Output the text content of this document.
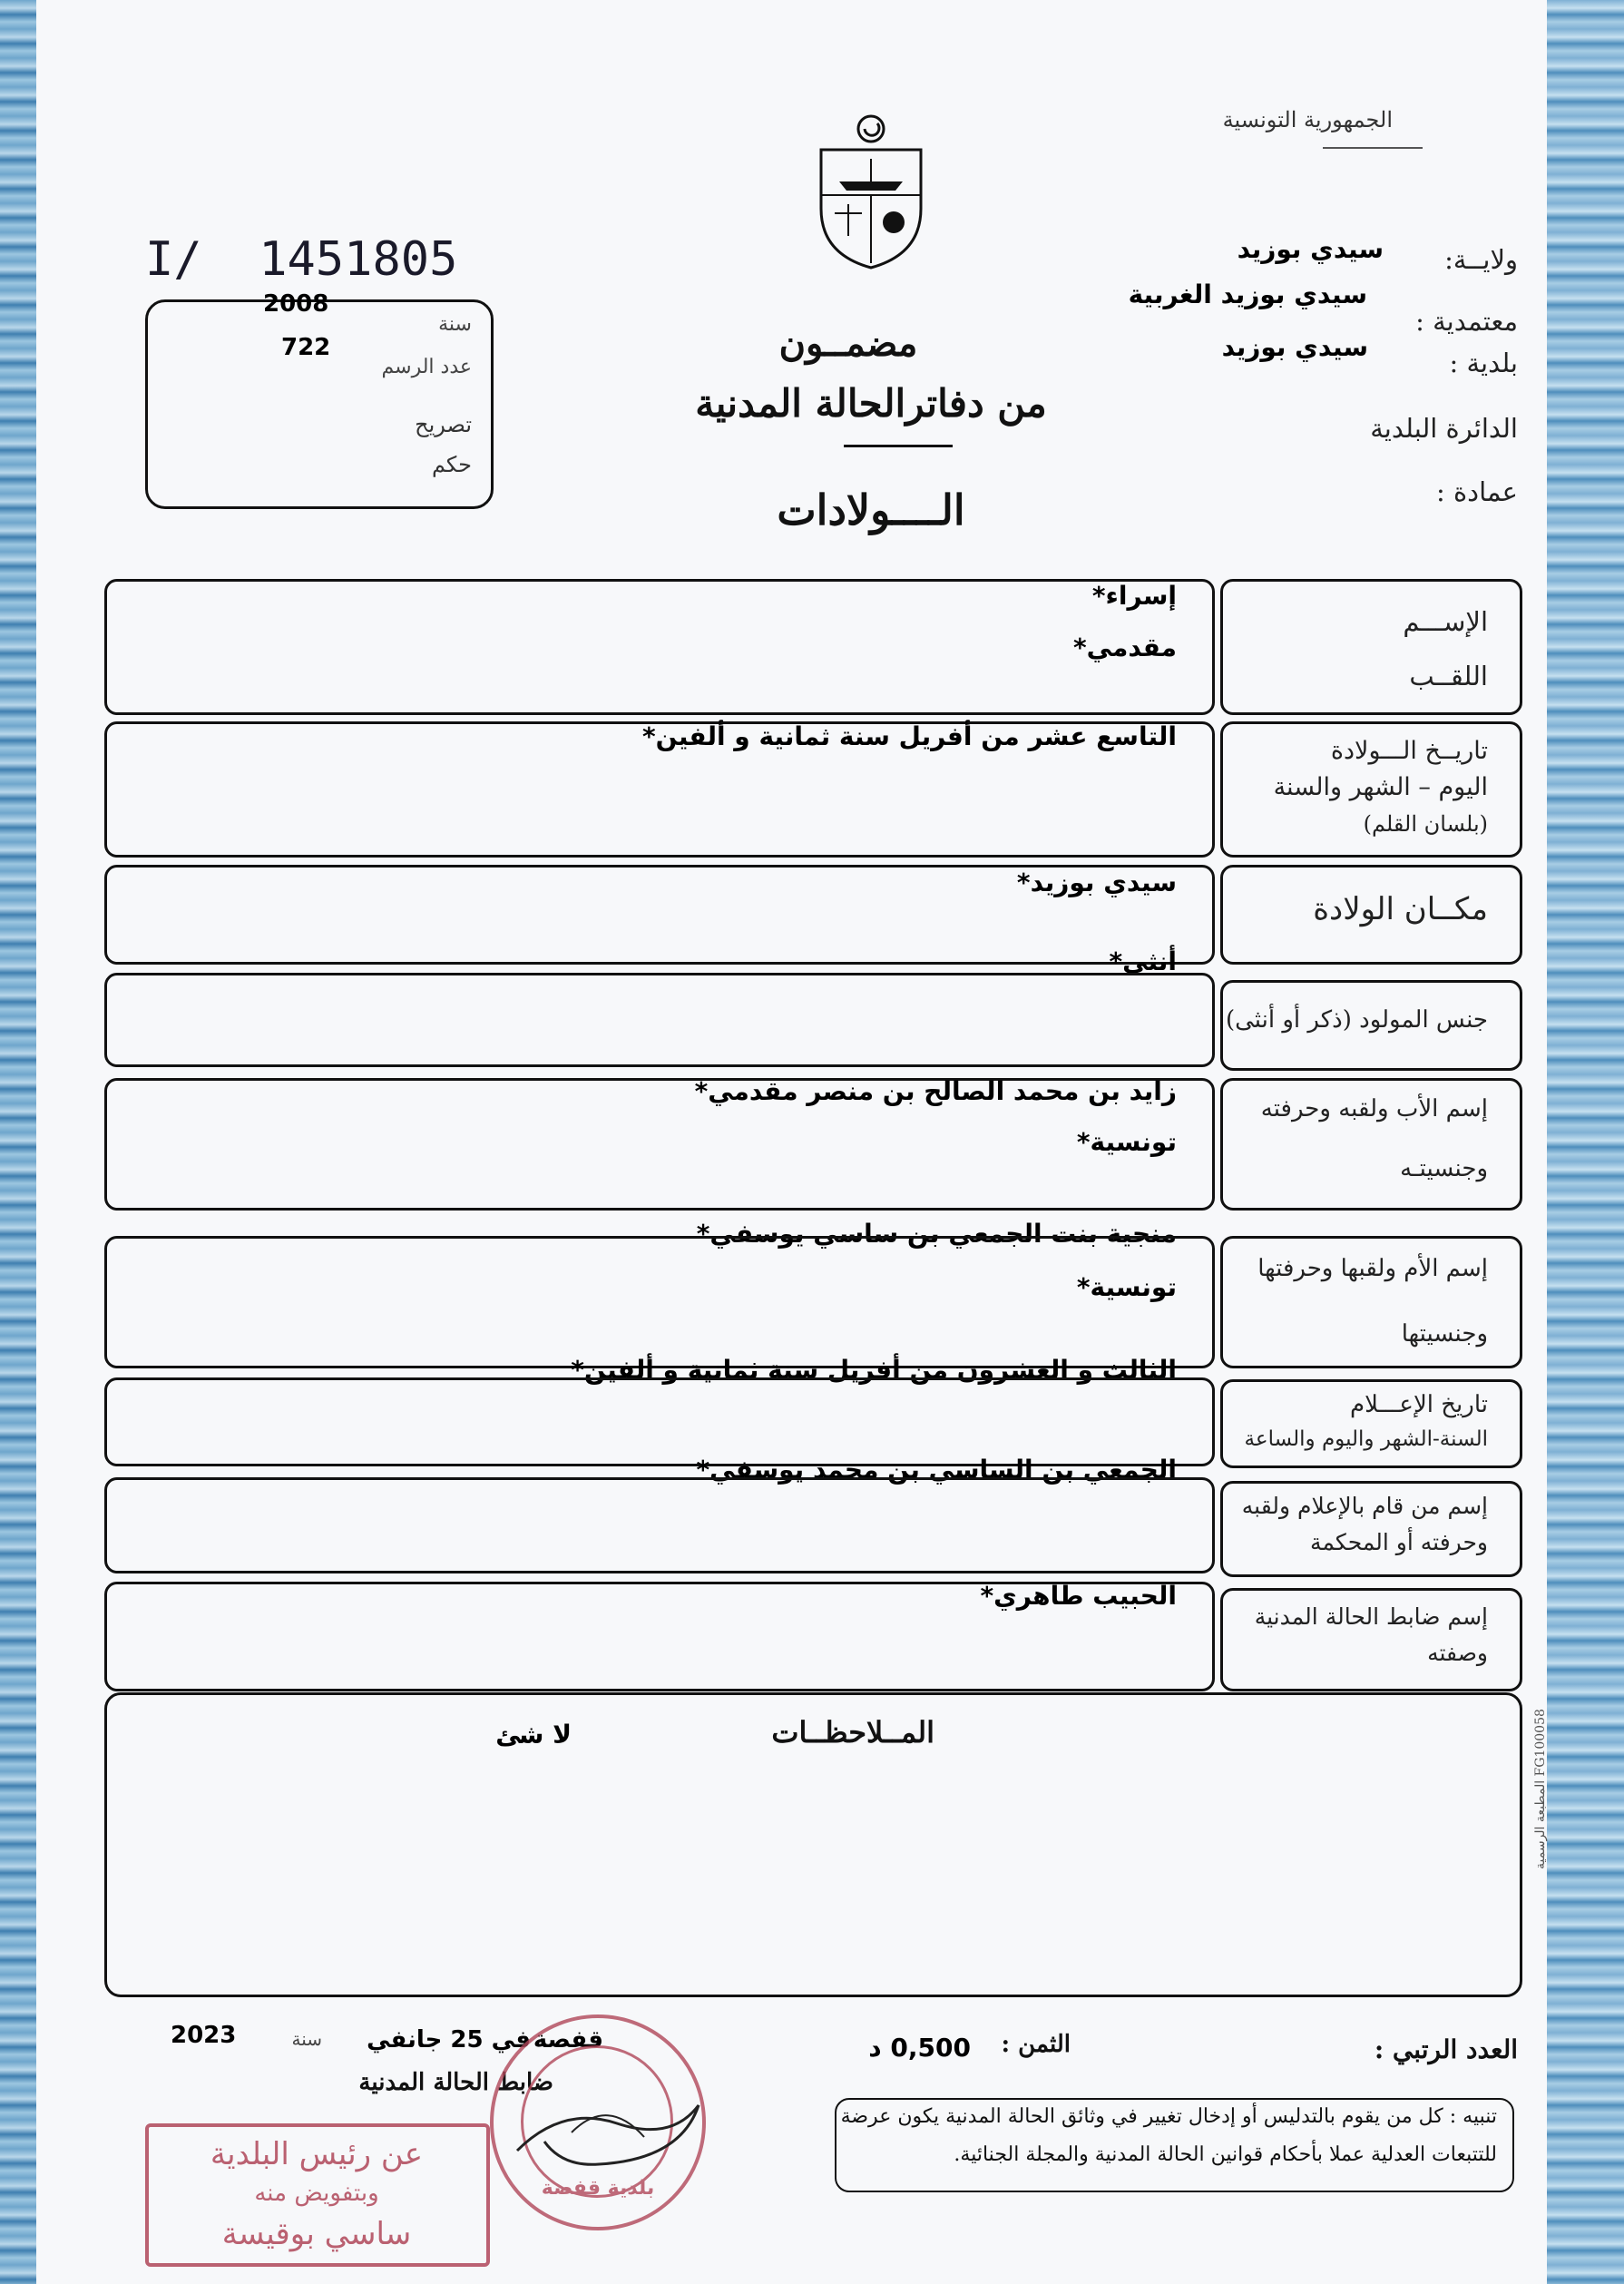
الجمهورية التونسية
ولايــة:
سيدي بوزيد
معتمدية :
سيدي بوزيد الغربية
بلدية :
سيدي بوزيد
الدائرة البلدية
عمادة :
I/  1451805
2008
سنة
722
عدد الرسم
تصريح
حكم
مضمــون
من دفاترالحالة المدنية
الــــولادات
الإســـم
اللقــب
إسراء*
مقدمي*
تاريــخ الـــولادة
اليوم – الشهر والسنة
(بلسان القلم)
التاسع عشر من أفريل سنة ثمانية و ألفين*
مكــان الولادة
سيدي بوزيد*
أنثى*
جنس المولود (ذكر أو أنثى)
إسم الأب ولقبه وحرفته
وجنسيتـه
زايد بن محمد الصالح بن منصر مقدمي*
تونسية*
منجية بنت الجمعي بن ساسي يوسفي*
إسم الأم ولقبها وحرفتها
وجنسيتها
تونسية*
الثالث و العشرون من أفريل سنة ثمانية و ألفين*
تاريخ الإعـــلام
السنة-الشهر واليوم والساعة
الجمعي بن الساسي بن محمد يوسفي*
إسم من قام بالإعلام ولقبه
وحرفته أو المحكمة
إسم ضابط الحالة المدنية
وصفته
الحبيب طاهري*
المــلاحظــات
لا شئ
المطبعة الرسمية FG100058
العدد الرتبي :
الثمن :
0,500 د
في 25 جانفي قفصة
سنة
2023
ضابط الحالة المدنية
تنبيه : كل من يقوم بالتدليس أو إدخال تغيير في وثائق الحالة المدنية يكون عرضة
للتتبعات العدلية عملا بأحكام قوانين الحالة المدنية والمجلة الجنائية.
بلدية قفصة
عن رئيس البلدية
وبتفويض منه
ساسي بوقيسة
